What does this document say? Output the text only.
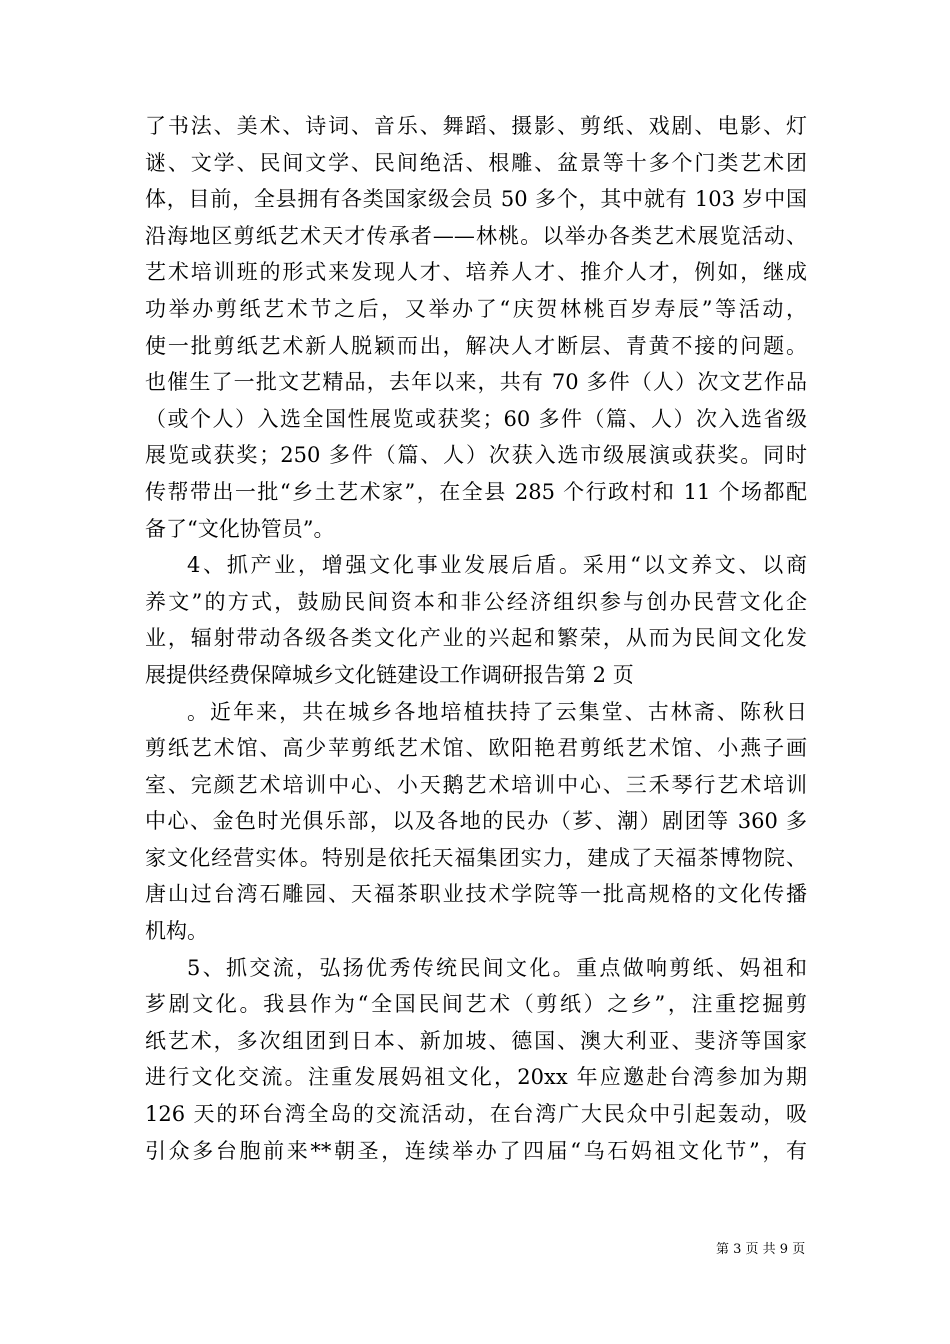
了书法、美术、诗词、音乐、舞蹈、摄影、剪纸、戏剧、电影、灯
谜、文学、民间文学、民间绝活、根雕、盆景等十多个门类艺术团
体，目前，全县拥有各类国家级会员 50 多个，其中就有 103 岁中国
沿海地区剪纸艺术天才传承者——林桃。以举办各类艺术展览活动、
艺术培训班的形式来发现人才、培养人才、推介人才，例如，继成
功举办剪纸艺术节之后，又举办了“庆贺林桃百岁寿辰”等活动，
使一批剪纸艺术新人脱颖而出，解决人才断层、青黄不接的问题。
也催生了一批文艺精品，去年以来，共有 70 多件（人）次文艺作品
（或个人）入选全国性展览或获奖；60 多件（篇、人）次入选省级
展览或获奖；250 多件（篇、人）次获入选市级展演或获奖。同时
传帮带出一批“乡土艺术家”，在全县 285 个行政村和 11 个场都配
备了“文化协管员”。
4、抓产业，增强文化事业发展后盾。采用“以文养文、以商
养文”的方式，鼓励民间资本和非公经济组织参与创办民营文化企
业，辐射带动各级各类文化产业的兴起和繁荣，从而为民间文化发
展提供经费保障城乡文化链建设工作调研报告第 2 页
。近年来，共在城乡各地培植扶持了云集堂、古林斋、陈秋日
剪纸艺术馆、高少苹剪纸艺术馆、欧阳艳君剪纸艺术馆、小燕子画
室、完颜艺术培训中心、小天鹅艺术培训中心、三禾琴行艺术培训
中心、金色时光俱乐部，以及各地的民办（芗、潮）剧团等 360 多
家文化经营实体。特别是依托天福集团实力，建成了天福茶博物院、
唐山过台湾石雕园、天福茶职业技术学院等一批高规格的文化传播
机构。
5、抓交流，弘扬优秀传统民间文化。重点做响剪纸、妈祖和
芗剧文化。我县作为“全国民间艺术（剪纸）之乡”，注重挖掘剪
纸艺术，多次组团到日本、新加坡、德国、澳大利亚、斐济等国家
进行文化交流。注重发展妈祖文化，20xx 年应邀赴台湾参加为期
126 天的环台湾全岛的交流活动，在台湾广大民众中引起轰动，吸
引众多台胞前来**朝圣，连续举办了四届“乌石妈祖文化节”，有
第 3 页 共 9 页
